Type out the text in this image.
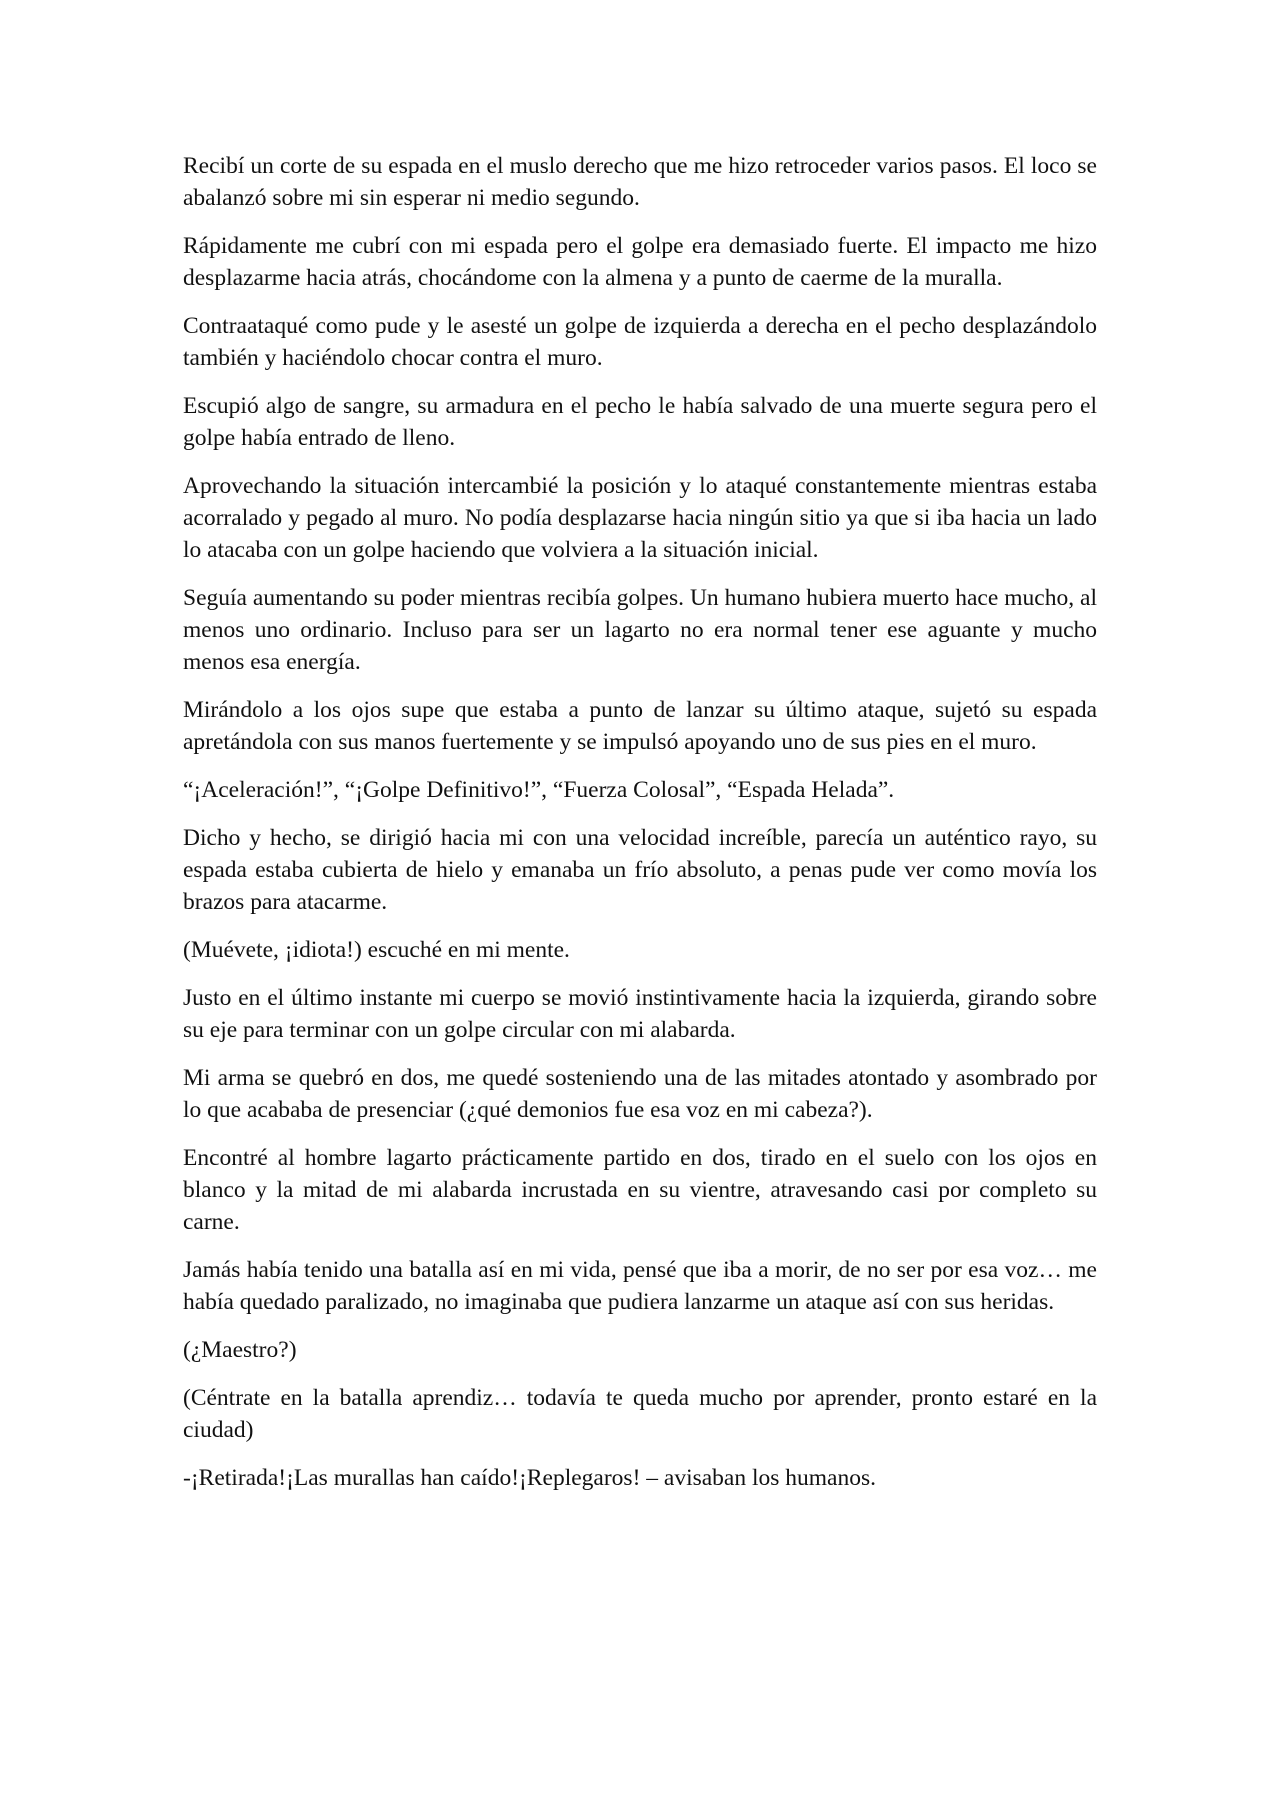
Recibí un corte de su espada en el muslo derecho que me hizo retroceder varios pasos. El loco se abalanzó sobre mi sin esperar ni medio segundo.

Rápidamente me cubrí con mi espada pero el golpe era demasiado fuerte. El impacto me hizo desplazarme hacia atrás, chocándome con la almena y a punto de caerme de la muralla.

Contraataqué como pude y le asesté un golpe de izquierda a derecha en el pecho desplazándolo también y haciéndolo chocar contra el muro.

Escupió algo de sangre, su armadura en el pecho le había salvado de una muerte segura pero el golpe había entrado de lleno.

Aprovechando la situación intercambié la posición y lo ataqué constantemente mientras estaba acorralado y pegado al muro. No podía desplazarse hacia ningún sitio ya que si iba hacia un lado lo atacaba con un golpe haciendo que volviera a la situación inicial.

Seguía aumentando su poder mientras recibía golpes. Un humano hubiera muerto hace mucho, al menos uno ordinario. Incluso para ser un lagarto no era normal tener ese aguante y mucho menos esa energía.

Mirándolo a los ojos supe que estaba a punto de lanzar su último ataque, sujetó su espada apretándola con sus manos fuertemente y se impulsó apoyando uno de sus pies en el muro.

“¡Aceleración!”, “¡Golpe Definitivo!”, “Fuerza Colosal”, “Espada Helada”.

Dicho y hecho, se dirigió hacia mi con una velocidad increíble, parecía un auténtico rayo, su espada estaba cubierta de hielo y emanaba un frío absoluto, a penas pude ver como movía los brazos para atacarme.

(Muévete, ¡idiota!) escuché en mi mente.

Justo en el último instante mi cuerpo se movió instintivamente hacia la izquierda, girando sobre su eje para terminar con un golpe circular con mi alabarda.

Mi arma se quebró en dos, me quedé sosteniendo una de las mitades atontado y asombrado por lo que acababa de presenciar (¿qué demonios fue esa voz en mi cabeza?).

Encontré al hombre lagarto prácticamente partido en dos, tirado en el suelo con los ojos en blanco y la mitad de mi alabarda incrustada en su vientre, atravesando casi por completo su carne.

Jamás había tenido una batalla así en mi vida, pensé que iba a morir, de no ser por esa voz… me había quedado paralizado, no imaginaba que pudiera lanzarme un ataque así con sus heridas.

(¿Maestro?)

(Céntrate en la batalla aprendiz… todavía te queda mucho por aprender, pronto estaré en la ciudad)

-¡Retirada!¡Las murallas han caído!¡Replegaros! – avisaban los humanos.
